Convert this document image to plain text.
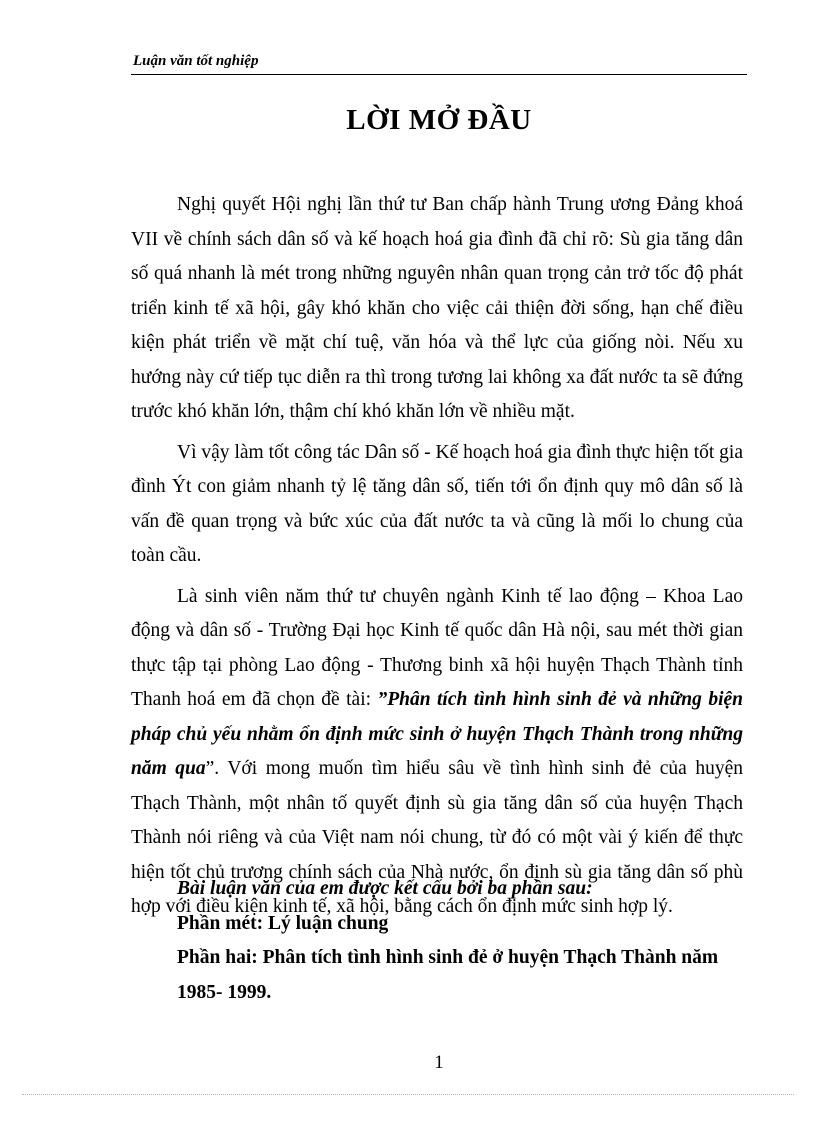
Luận văn tốt nghiệp
LỜI MỞ ĐẦU

Nghị quyết Hội nghị lần thứ tư Ban chấp hành Trung ương Đảng khoá VII về chính sách dân số và kế hoạch hoá gia đình đã chỉ rõ: Sù gia tăng dân số quá nhanh là mét trong những nguyên nhân quan trọng cản trở tốc độ phát triển kinh tế xã hội, gây khó khăn cho việc cải thiện đời sống, hạn chế điều kiện phát triển về mặt chí tuệ, văn hóa và thể lực của giống nòi. Nếu xu hướng này cứ tiếp tục diễn ra thì trong tương lai không xa đất nước ta sẽ đứng trước khó khăn lớn, thậm chí khó khăn lớn về nhiều mặt.

Vì vậy làm tốt công tác Dân số - Kế hoạch hoá gia đình thực hiện tốt gia đình Ýt con giảm nhanh tỷ lệ tăng dân số, tiến tới ổn định quy mô dân số là vấn đề quan trọng và bức xúc của đất nước ta và cũng là mối lo chung của toàn cầu.

Là sinh viên năm thứ tư chuyên ngành Kinh tế lao động – Khoa Lao động và dân số - Trường Đại học Kinh tế quốc dân Hà nội, sau mét thời gian thực tập tại phòng Lao động - Thương binh xã hội huyện Thạch Thành tỉnh Thanh hoá em đã chọn đề tài: ”Phân tích tình hình sinh đẻ và những biện pháp chủ yếu nhằm ổn định mức sinh ở huyện Thạch Thành trong những năm qua”. Với mong muốn tìm hiểu sâu về tình hình sinh đẻ của huyện Thạch Thành, một nhân tố quyết định sù gia tăng dân số của huyện Thạch Thành nói riêng và của Việt nam nói chung, từ đó có một vài ý kiến để thực hiện tốt chủ trương chính sách của Nhà nước, ổn định sù gia tăng dân số phù hợp với điều kiện kinh tế, xã hội, bằng cách ổn định mức sinh hợp lý.

Bài luận văn của em được kết cấu bởi ba phần sau:
Phần mét: Lý luận chung
Phần hai: Phân tích tình hình sinh đẻ ở huyện Thạch Thành năm
1985- 1999.
1
